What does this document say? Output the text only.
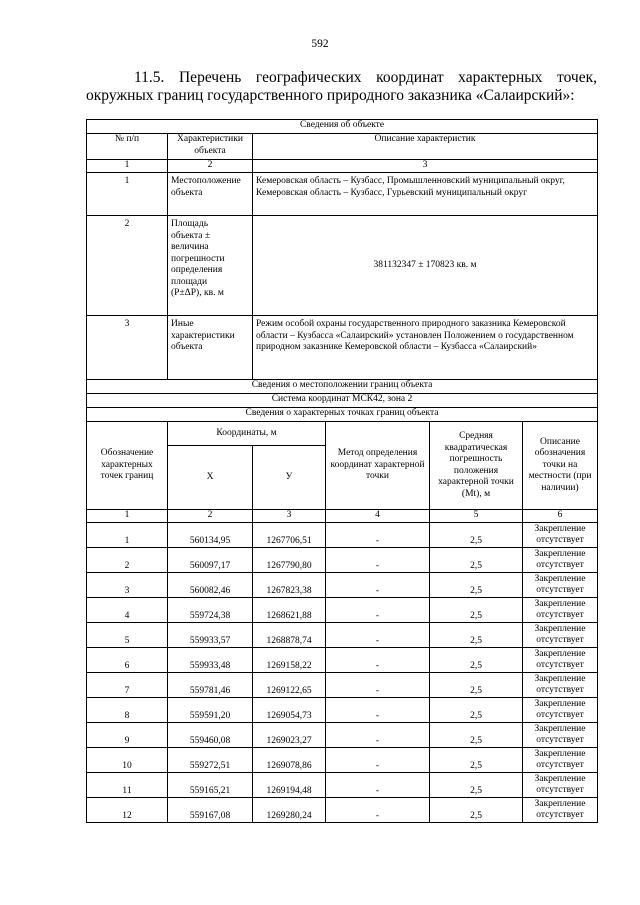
592
11.5. Перечень географических координат характерных точек,
окружных границ государственного природного заказника «Салаирский»:
Сведения об объекте					
№ п/п	Характеристики объекта	Описание характеристик			
1	2	3			
1	Местоположение объекта	Кемеровская область – Кузбасс, Промышленновский муниципальный округ, Кемеровская область – Кузбасс, Гурьевский муниципальный округ			
2	Площадь объекта ± величина погрешности определения площади (P±ΔP), кв. м	381132347 ± 170823 кв. м			
3	Иные характеристики объекта	Режим особой охраны государственного природного заказника Кемеровской области – Кузбасса «Салаирский» установлен Положением о государственном природном заказнике Кемеровской области – Кузбасса «Салаирский»			
Сведения о местоположении границ объекта					
Система координат МСК42, зона 2					
Сведения о характерных точках границ объекта					
Обозначение характерных точек границ	Координаты, м		Метод определения координат характерной точки	Средняя квадратическая погрешность положения характерной точки (Mt), м	Описание обозначения точки на местности (при наличии)
	X	У			
1	2	3	4	5	6
1	560134,95	1267706,51	-	2,5	Закрепление отсутствует
2	560097,17	1267790,80	-	2,5	Закрепление отсутствует
3	560082,46	1267823,38	-	2,5	Закрепление отсутствует
4	559724,38	1268621,88	-	2,5	Закрепление отсутствует
5	559933,57	1268878,74	-	2,5	Закрепление отсутствует
6	559933,48	1269158,22	-	2,5	Закрепление отсутствует
7	559781,46	1269122,65	-	2,5	Закрепление отсутствует
8	559591,20	1269054,73	-	2,5	Закрепление отсутствует
9	559460,08	1269023,27	-	2,5	Закрепление отсутствует
10	559272,51	1269078,86	-	2,5	Закрепление отсутствует
11	559165,21	1269194,48	-	2,5	Закрепление отсутствует
12	559167,08	1269280,24	-	2,5	Закрепление отсутствует
